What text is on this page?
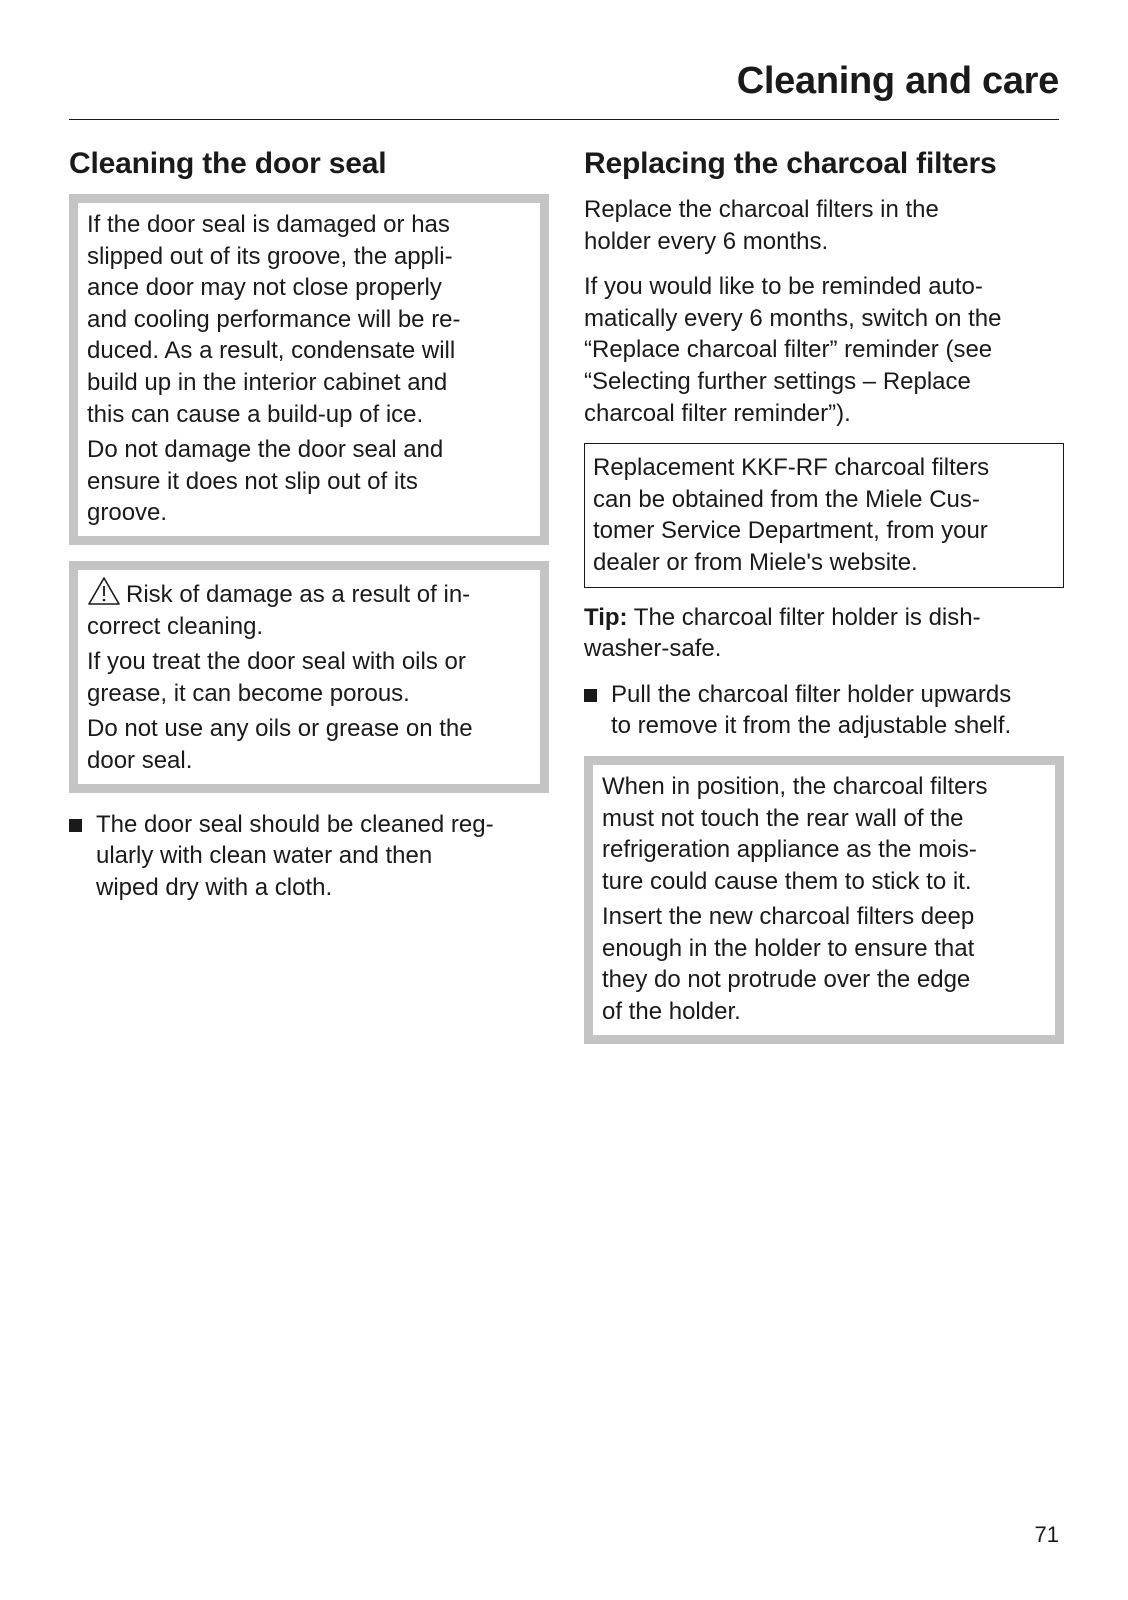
Cleaning and care
Cleaning the door seal
If the door seal is damaged or has
slipped out of its groove, the appli-
ance door may not close properly
and cooling performance will be re-
duced. As a result, condensate will
build up in the interior cabinet and
this can cause a build-up of ice.
Do not damage the door seal and
ensure it does not slip out of its
groove.
Risk of damage as a result of in-
correct cleaning.
If you treat the door seal with oils or
grease, it can become porous.
Do not use any oils or grease on the
door seal.
The door seal should be cleaned reg-
ularly with clean water and then
wiped dry with a cloth.
Replacing the charcoal filters

Replace the charcoal filters in the
holder every 6 months.

If you would like to be reminded auto-
matically every 6 months, switch on the
“Replace charcoal filter” reminder (see
“Selecting further settings – Replace
charcoal filter reminder”).

Replacement KKF-RF charcoal filters
can be obtained from the Miele Cus-
tomer Service Department, from your
dealer or from Miele's website.

Tip: The charcoal filter holder is dish-
washer-safe.

Pull the charcoal filter holder upwards
to remove it from the adjustable shelf.
When in position, the charcoal filters
must not touch the rear wall of the
refrigeration appliance as the mois-
ture could cause them to stick to it.
Insert the new charcoal filters deep
enough in the holder to ensure that
they do not protrude over the edge
of the holder.
71
